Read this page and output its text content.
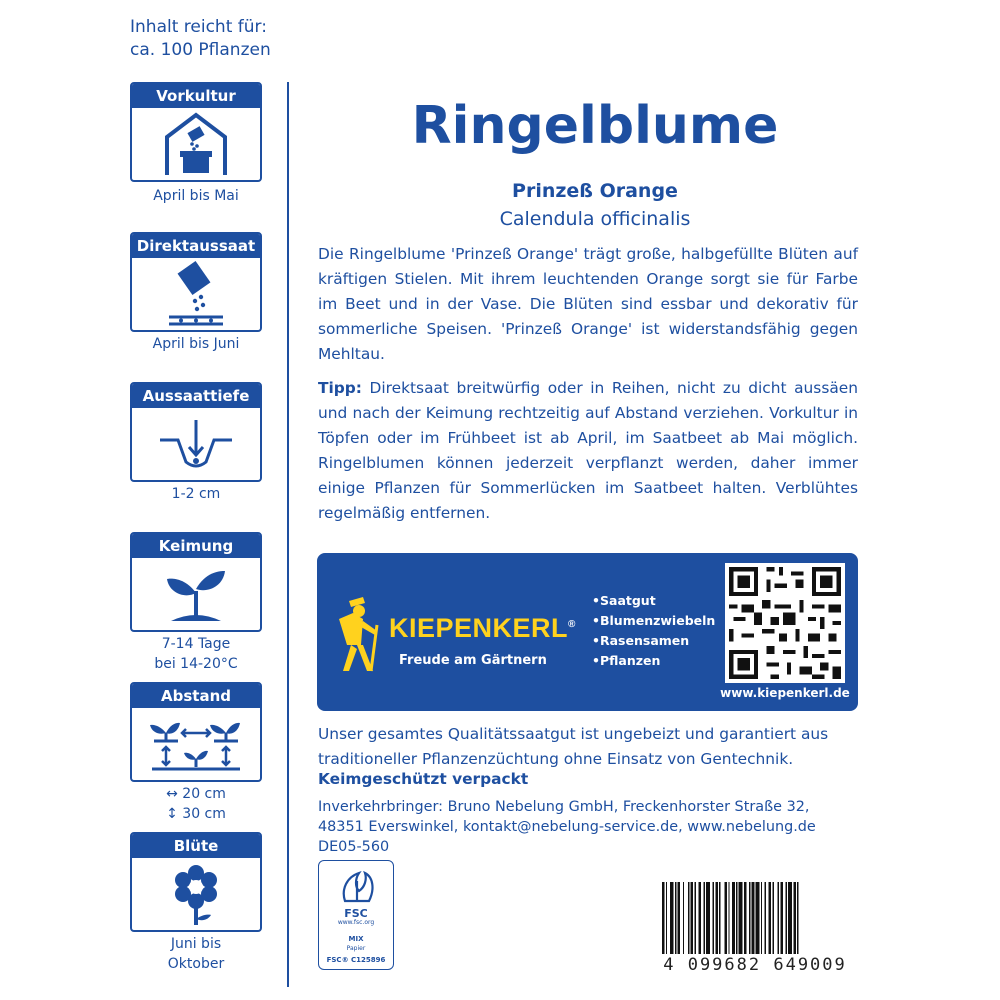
Inhalt reicht für:
ca. 100 Pflanzen
Vorkultur
April bis Mai
Direktaussaat
April bis Juni
Aussaattiefe
1-2 cm
Keimung
7-14 Tage
bei 14-20°C
Abstand
↔ 20 cm
↕ 30 cm
Blüte
Juni bis
Oktober
Ringelblume
Prinzeß Orange
Calendula officinalis
Die Ringelblume 'Prinzeß Orange' trägt große, halbgefüllte Blüten auf kräftigen Stielen. Mit ihrem leuchtenden Orange sorgt sie für Farbe im Beet und in der Vase. Die Blüten sind essbar und dekorativ für sommerliche Speisen. 'Prinzeß Orange' ist widerstandsfähig gegen Mehltau.
Tipp: Direktsaat breitwürfig oder in Reihen, nicht zu dicht aussäen und nach der Keimung rechtzeitig auf Abstand verziehen. Vorkultur in Töpfen oder im Frühbeet ist ab April, im Saatbeet ab Mai möglich. Ringelblumen können jederzeit verpflanzt werden, daher immer einige Pflanzen für Sommerlücken im Saatbeet halten. Verblühtes regelmäßig entfernen.
KIEPENKERL®
Freude am Gärtnern
• Saatgut
• Blumenzwiebeln
• Rasensamen
• Pflanzen
www.kiepenkerl.de
Unser gesamtes Qualitätssaatgut ist ungebeizt und garantiert aus traditioneller Pflanzenzüchtung ohne Einsatz von Gentechnik.
Keimgeschützt verpackt
Inverkehrbringer: Bruno Nebelung GmbH, Freckenhorster Straße 32,
48351 Everswinkel, kontakt@nebelung-service.de, www.nebelung.de
DE05-560
FSC
www.fsc.org
MIX
Papier
FSC® C125896	4 099682 649009
